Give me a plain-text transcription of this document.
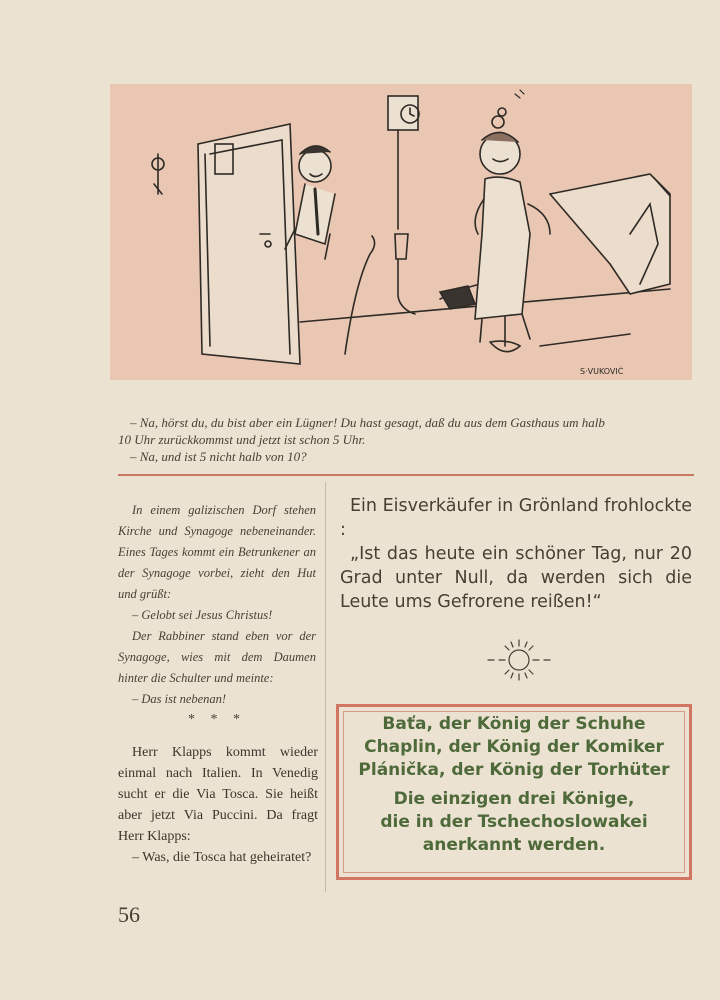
S·VUKOVIĆ

– Na, hörst du, du bist aber ein Lügner! Du hast gesagt, daß du aus dem Gasthaus um halb

10 Uhr zurückkommst und jetzt ist schon 5 Uhr.

– Na, und ist 5 nicht halb von 10?

In einem galizischen Dorf stehen Kirche und Synagoge nebeneinander. Eines Tages kommt ein Betrunkener an der Synagoge vorbei, zieht den Hut und grüßt:

– Gelobt sei Jesus Christus!

Der Rabbiner stand eben vor der Synagoge, wies mit dem Daumen hinter die Schulter und meinte:

– Das ist nebenan!

* * *

Herr Klapps kommt wieder einmal nach Italien. In Venedig sucht er die Via Tosca. Sie heißt aber jetzt Via Puccini. Da fragt Herr Klapps:

– Was, die Tosca hat geheiratet?

56

Ein Eisverkäufer in Grönland frohlockte :

„Ist das heute ein schöner Tag, nur 20 Grad unter Null, da werden sich die Leute ums Gefrorene reißen!“

Baťa, der König der Schuhe

Chaplin, der König der Komiker

Plánička, der König der Torhüter

Die einzigen drei Könige,

die in der Tschechoslowakei

anerkannt werden.
